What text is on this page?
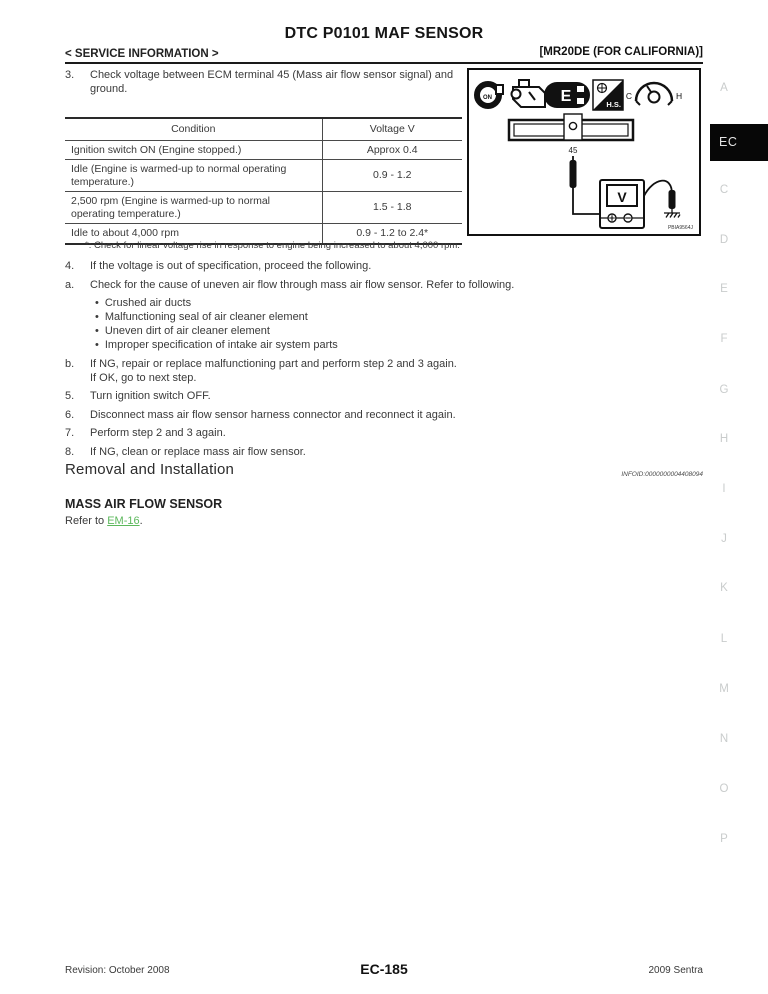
DTC P0101 MAF SENSOR
< SERVICE INFORMATION >	[MR20DE (FOR CALIFORNIA)]
3.	Check voltage between ECM terminal 45 (Mass air flow sensor signal) and ground.
ON	E	H.S.
C	H
45
V
PBIA9564J
Condition	Voltage V
Ignition switch ON (Engine stopped.)	Approx 0.4
Idle (Engine is warmed-up to normal operating temperature.)	0.9 - 1.2
2,500 rpm (Engine is warmed-up to normal operating temperature.)	1.5 - 1.8
Idle to about 4,000 rpm	0.9 - 1.2 to 2.4*
*: Check for linear voltage rise in response to engine being increased to about 4,000 rpm.
4.	If the voltage is out of specification, proceed the following.
a.	Check for the cause of uneven air flow through mass air flow sensor. Refer to following.
• Crushed air ducts
• Malfunctioning seal of air cleaner element
• Uneven dirt of air cleaner element
• Improper specification of intake air system parts
b.	If NG, repair or replace malfunctioning part and perform step 2 and 3 again.
If OK, go to next step.
5.	Turn ignition switch OFF.
6.	Disconnect mass air flow sensor harness connector and reconnect it again.
7.	Perform step 2 and 3 again.
8.	If NG, clean or replace mass air flow sensor.
Removal and Installation	INFOID:0000000004408094
MASS AIR FLOW SENSOR
Refer to EM-16.
A
EC
C
D
E
F
G
H
I
J
K
L
M
N
O
P
Revision: October 2008	EC-185	2009 Sentra
